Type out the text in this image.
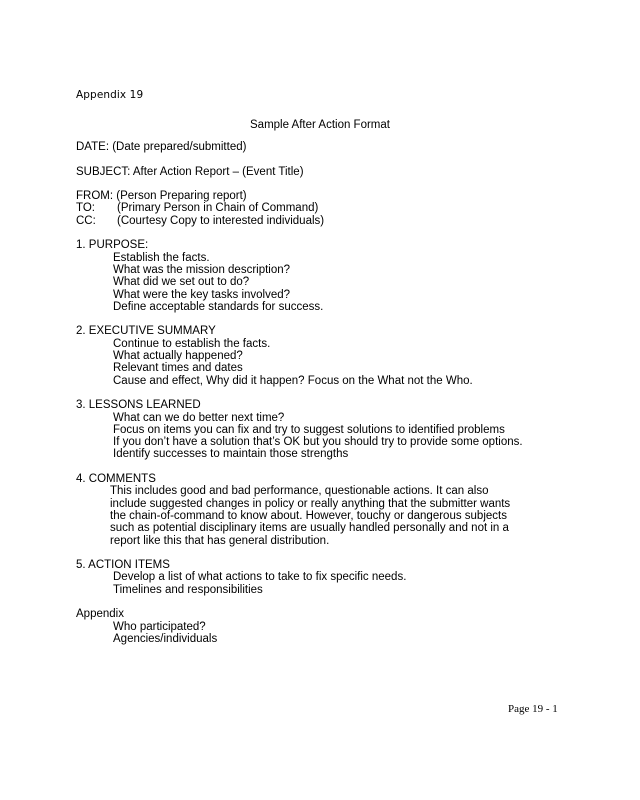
Appendix 19
Sample After Action Format
DATE: (Date prepared/submitted)
SUBJECT: After Action Report – (Event Title)
FROM: (Person Preparing report)
TO: (Primary Person in Chain of Command)
CC: (Courtesy Copy to interested individuals)
1. PURPOSE:
Establish the facts.
What was the mission description?
What did we set out to do?
What were the key tasks involved?
Define acceptable standards for success.
2. EXECUTIVE SUMMARY
Continue to establish the facts.
What actually happened?
Relevant times and dates
Cause and effect, Why did it happen? Focus on the What not the Who.
3. LESSONS LEARNED
What can we do better next time?
Focus on items you can fix and try to suggest solutions to identified problems
If you don’t have a solution that’s OK but you should try to provide some options.
Identify successes to maintain those strengths
4. COMMENTS
This includes good and bad performance, questionable actions. It can also
include suggested changes in policy or really anything that the submitter wants
the chain-of-command to know about. However, touchy or dangerous subjects
such as potential disciplinary items are usually handled personally and not in a
report like this that has general distribution.
5. ACTION ITEMS
Develop a list of what actions to take to fix specific needs.
Timelines and responsibilities
Appendix
Who participated?
Agencies/individuals
Page 19 - 1
